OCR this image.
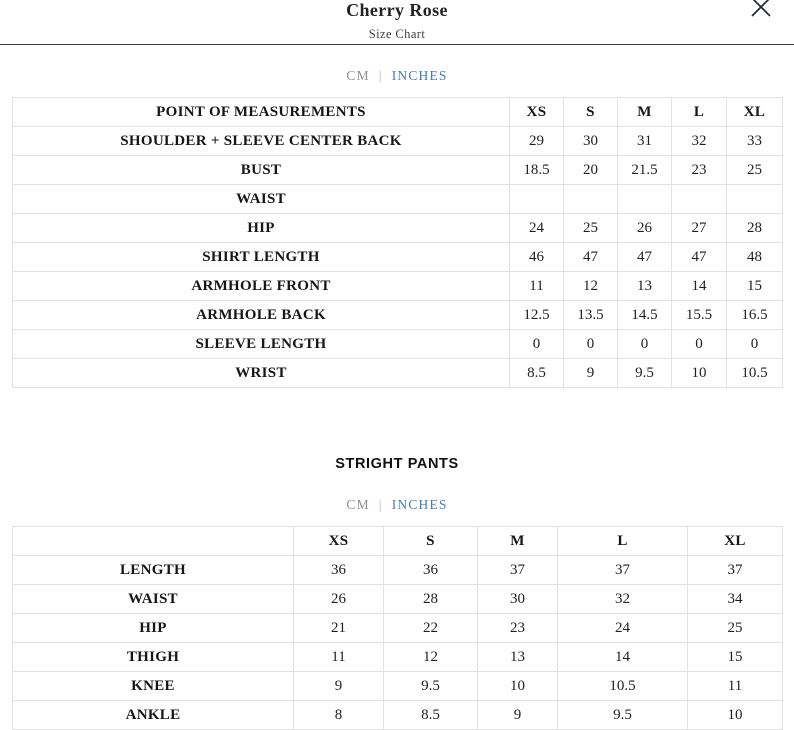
Cherry Rose
Size Chart
CM | INCHES
POINT OF MEASUREMENTS	XS	S	M	L	XL
SHOULDER + SLEEVE CENTER BACK	29	30	31	32	33
BUST	18.5	20	21.5	23	25
WAIST					
HIP	24	25	26	27	28
SHIRT LENGTH	46	47	47	47	48
ARMHOLE FRONT	11	12	13	14	15
ARMHOLE BACK	12.5	13.5	14.5	15.5	16.5
SLEEVE LENGTH	0	0	0	0	0
WRIST	8.5	9	9.5	10	10.5
STRIGHT PANTS
CM | INCHES
	XS	S	M	L	XL
LENGTH	36	36	37	37	37
WAIST	26	28	30	32	34
HIP	21	22	23	24	25
THIGH	11	12	13	14	15
KNEE	9	9.5	10	10.5	11
ANKLE	8	8.5	9	9.5	10
